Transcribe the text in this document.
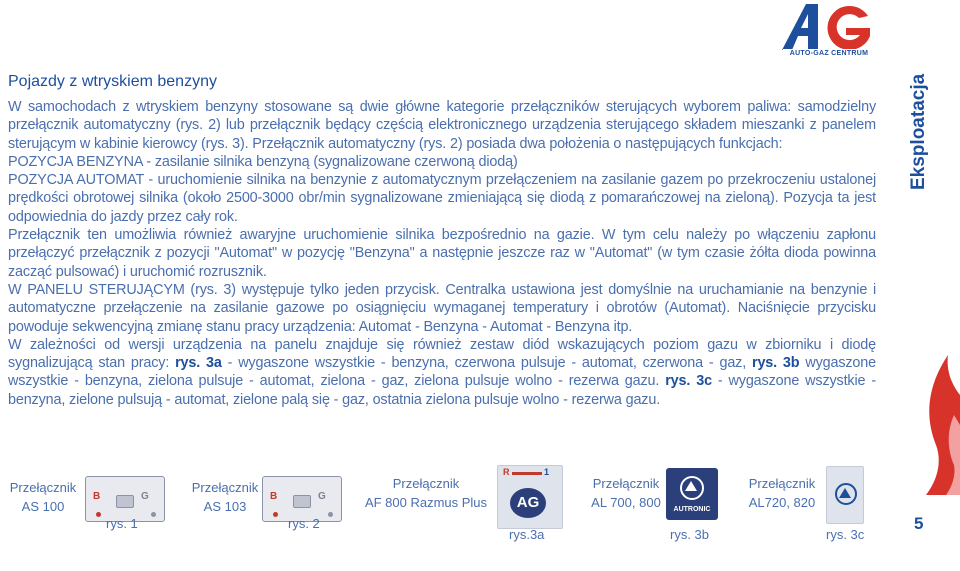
AUTO-GAZ CENTRUM
Eksploatacja
5
Pojazdy z wtryskiem benzyny

W samochodach z wtryskiem benzyny stosowane są dwie główne kategorie przełączników sterujących wyborem paliwa: samodzielny przełącznik automatyczny (rys. 2) lub przełącznik będący częścią elektronicznego urządzenia sterującego składem mieszanki z panelem sterującym w kabinie kierowcy (rys. 3). Przełącznik automatyczny (rys. 2) posiada dwa położenia o następujących funkcjach:

POZYCJA BENZYNA - zasilanie silnika benzyną (sygnalizowane czerwoną diodą)

POZYCJA AUTOMAT - uruchomienie silnika na benzynie z automatycznym przełączeniem na zasilanie gazem po przekroczeniu ustalonej prędkości obrotowej silnika (około 2500-3000 obr/min sygnalizowane zmieniającą się diodą z pomarańczowej na zieloną). Pozycja ta jest odpowiednia do jazdy przez cały rok.

Przełącznik ten umożliwia również awaryjne uruchomienie silnika bezpośrednio na gazie. W tym celu należy po włączeniu zapłonu przełączyć przełącznik z pozycji "Automat" w pozycję "Benzyna" a następnie jeszcze raz w "Automat" (w tym czasie żółta dioda powinna zacząć pulsować) i uruchomić rozrusznik.

W PANELU STERUJĄCYM (rys. 3) występuje tylko jeden przycisk. Centralka ustawiona jest domyślnie na uruchamianie na benzynie i automatyczne przełączenie na zasilanie gazowe po osiągnięciu wymaganej temperatury i obrotów (Automat). Naciśnięcie przycisku powoduje sekwencyjną zmianę stanu pracy urządzenia: Automat - Benzyna - Automat - Benzyna itp.

W zależności od wersji urządzenia na panelu znajduje się również zestaw diód wskazujących poziom gazu w zbiorniku i diodę sygnalizującą stan pracy: rys. 3a - wygaszone wszystkie - benzyna, czerwona pulsuje - automat, czerwona - gaz, rys. 3b wygaszone wszystkie - benzyna, zielona pulsuje - automat, zielona - gaz, zielona pulsuje wolno - rezerwa gazu. rys. 3c - wygaszone wszystkie - benzyna, zielone pulsują - automat, zielone palą się - gaz, ostatnia zielona pulsuje wolno - rezerwa gazu.

Przełącznik
AS 100
B	G
rys. 1
Przełącznik
AS 103
B	G
rys. 2
Przełącznik
AF 800 Razmus Plus
R	1
AG
rys.3a
Przełącznik
AL 700, 800	AUTRONIC
rys. 3b
Przełącznik
AL720, 820
rys. 3c
